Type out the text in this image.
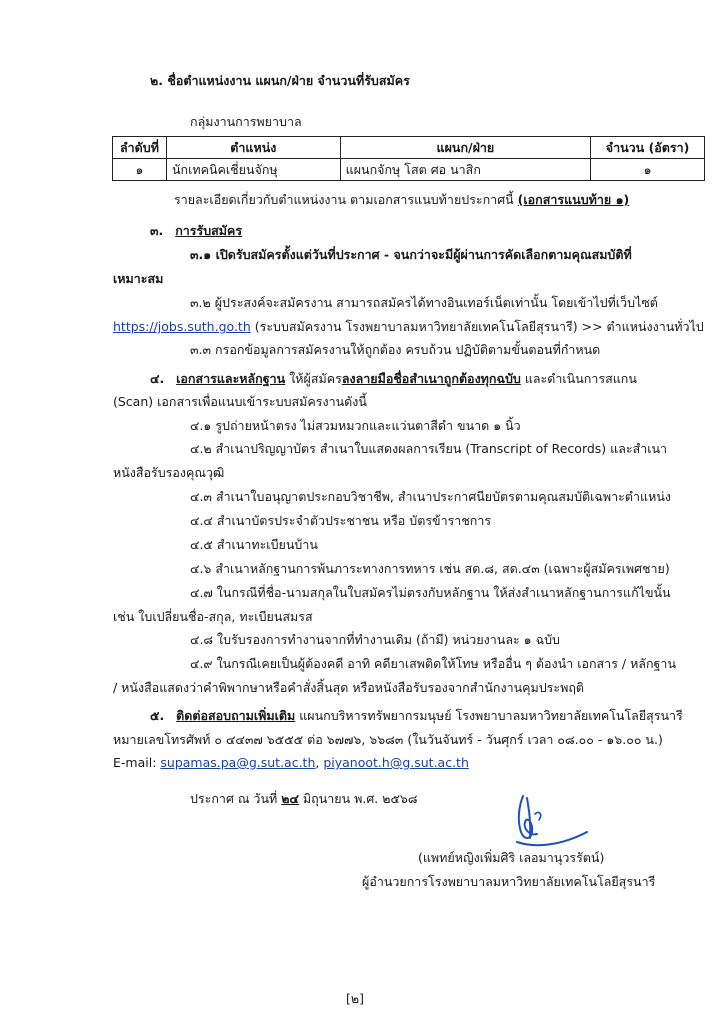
๒. ชื่อตำแหน่งงาน แผนก/ฝ่าย จำนวนที่รับสมัคร
กลุ่มงานการพยาบาล
ลำดับที่	ตำแหน่ง	แผนก/ฝ่าย	จำนวน (อัตรา)
๑	นักเทคนิคเชี่ยนจักษุ	แผนกจักษุ โสต ศอ นาสิก	๑
รายละเอียดเกี่ยวกับตำแหน่งงาน ตามเอกสารแนบท้ายประกาศนี้ (เอกสารแนบท้าย ๑)
๓. การรับสมัคร
๓.๑ เปิดรับสมัครตั้งแต่วันที่ประกาศ - จนกว่าจะมีผู้ผ่านการคัดเลือกตามคุณสมบัติที่
เหมาะสม
๓.๒ ผู้ประสงค์จะสมัครงาน สามารถสมัครได้ทางอินเทอร์เน็ตเท่านั้น โดยเข้าไปที่เว็บไซต์
https://jobs.suth.go.th (ระบบสมัครงาน โรงพยาบาลมหาวิทยาลัยเทคโนโลยีสุรนารี) >> ตำแหน่งงานทั่วไป
๓.๓ กรอกข้อมูลการสมัครงานให้ถูกต้อง ครบถ้วน ปฏิบัติตามขั้นตอนที่กำหนด
๔. เอกสารและหลักฐาน ให้ผู้สมัครลงลายมือชื่อสำเนาถูกต้องทุกฉบับ และดำเนินการสแกน
(Scan) เอกสารเพื่อแนบเข้าระบบสมัครงานดังนี้
๔.๑ รูปถ่ายหน้าตรง ไม่สวมหมวกและแว่นตาสีดำ ขนาด ๑ นิ้ว
๔.๒ สำเนาปริญญาบัตร สำเนาใบแสดงผลการเรียน (Transcript of Records) และสำเนา
หนังสือรับรองคุณวุฒิ
๔.๓ สำเนาใบอนุญาตประกอบวิชาชีพ, สำเนาประกาศนียบัตรตามคุณสมบัติเฉพาะตำแหน่ง
๔.๔ สำเนาบัตรประจำตัวประชาชน หรือ บัตรข้าราชการ
๔.๕ สำเนาทะเบียนบ้าน
๔.๖ สำเนาหลักฐานการพ้นภาระทางการทหาร เช่น สด.๘, สด.๔๓ (เฉพาะผู้สมัครเพศชาย)
๔.๗ ในกรณีที่ชื่อ-นามสกุลในใบสมัครไม่ตรงกับหลักฐาน ให้ส่งสำเนาหลักฐานการแก้ไขนั้น
เช่น ใบเปลี่ยนชื่อ-สกุล, ทะเบียนสมรส
๔.๘ ใบรับรองการทำงานจากที่ทำงานเดิม (ถ้ามี) หน่วยงานละ ๑ ฉบับ
๔.๙ ในกรณีเคยเป็นผู้ต้องคดี อาทิ คดียาเสพติดให้โทษ หรืออื่น ๆ ต้องนำ เอกสาร / หลักฐาน
/ หนังสือแสดงว่าคำพิพากษาหรือคำสั่งสิ้นสุด หรือหนังสือรับรองจากสำนักงานคุมประพฤติ
๕. ติดต่อสอบถามเพิ่มเติม แผนกบริหารทรัพยากรมนุษย์ โรงพยาบาลมหาวิทยาลัยเทคโนโลยีสุรนารี
หมายเลขโทรศัพท์ ๐ ๔๔๓๗ ๖๕๕๕ ต่อ ๖๗๗๖, ๖๖๘๓ (ในวันจันทร์ - วันศุกร์ เวลา ๐๘.๐๐ - ๑๖.๐๐ น.)
E-mail: supamas.pa@g.sut.ac.th, piyanoot.h@g.sut.ac.th
ประกาศ ณ วันที่ ๒๔ มิถุนายน พ.ศ. ๒๕๖๘
(แพทย์หญิงเพิ่มศิริ เลอมานุวรรัตน์)
ผู้อำนวยการโรงพยาบาลมหาวิทยาลัยเทคโนโลยีสุรนารี
[๒]
